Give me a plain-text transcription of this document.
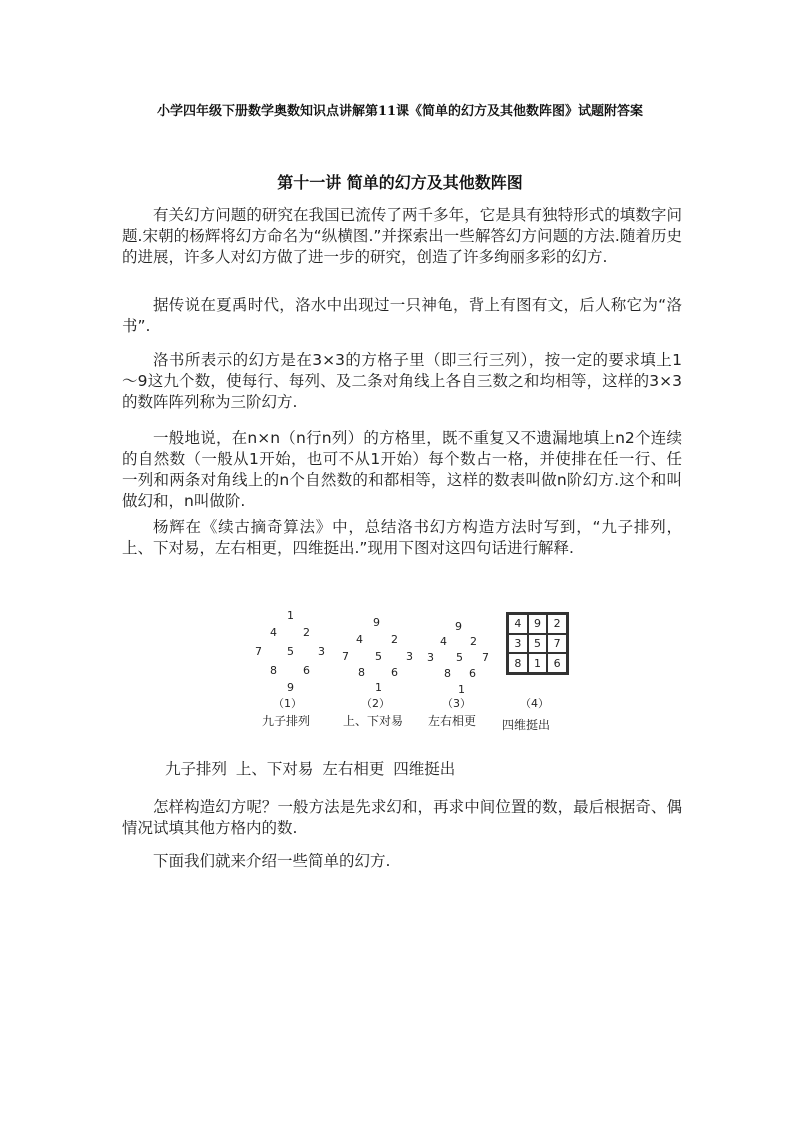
小学四年级下册数学奥数知识点讲解第11课《简单的幻方及其他数阵图》试题附答案
第十一讲 简单的幻方及其他数阵图
有关幻方问题的研究在我国已流传了两千多年，它是具有独特形式的填数字问题.宋朝的杨辉将幻方命名为“纵横图.”并探索出一些解答幻方问题的方法.随着历史的进展，许多人对幻方做了进一步的研究，创造了许多绚丽多彩的幻方.
据传说在夏禹时代，洛水中出现过一只神龟，背上有图有文，后人称它为“洛书”.
洛书所表示的幻方是在3×3的方格子里（即三行三列），按一定的要求填上1～9这九个数，使每行、每列、及二条对角线上各自三数之和均相等，这样的3×3的数阵阵列称为三阶幻方.
一般地说，在n×n（n行n列）的方格里，既不重复又不遗漏地填上n2个连续的自然数（一般从1开始，也可不从1开始）每个数占一格，并使排在任一行、任一列和两条对角线上的n个自然数的和都相等，这样的数表叫做n阶幻方.这个和叫做幻和，n叫做阶.
杨辉在《续古摘奇算法》中，总结洛书幻方构造方法时写到，“九子排列，上、下对易，左右相更，四维挺出.”现用下图对这四句话进行解释.
1
4 2
7 5 3
8 6
9
（1）
九子排列
9
4	2
7 5 3
8 6
1
（2）
上、下对易
9
4 2
3 5 7
8 6
1
（3）
左右相更
4	9	2
3	5	7
8	1	6
（4）
四维挺出
九子排列 上、下对易 左右相更 四维挺出
怎样构造幻方呢？一般方法是先求幻和，再求中间位置的数，最后根据奇、偶情况试填其他方格内的数.
下面我们就来介绍一些简单的幻方.
